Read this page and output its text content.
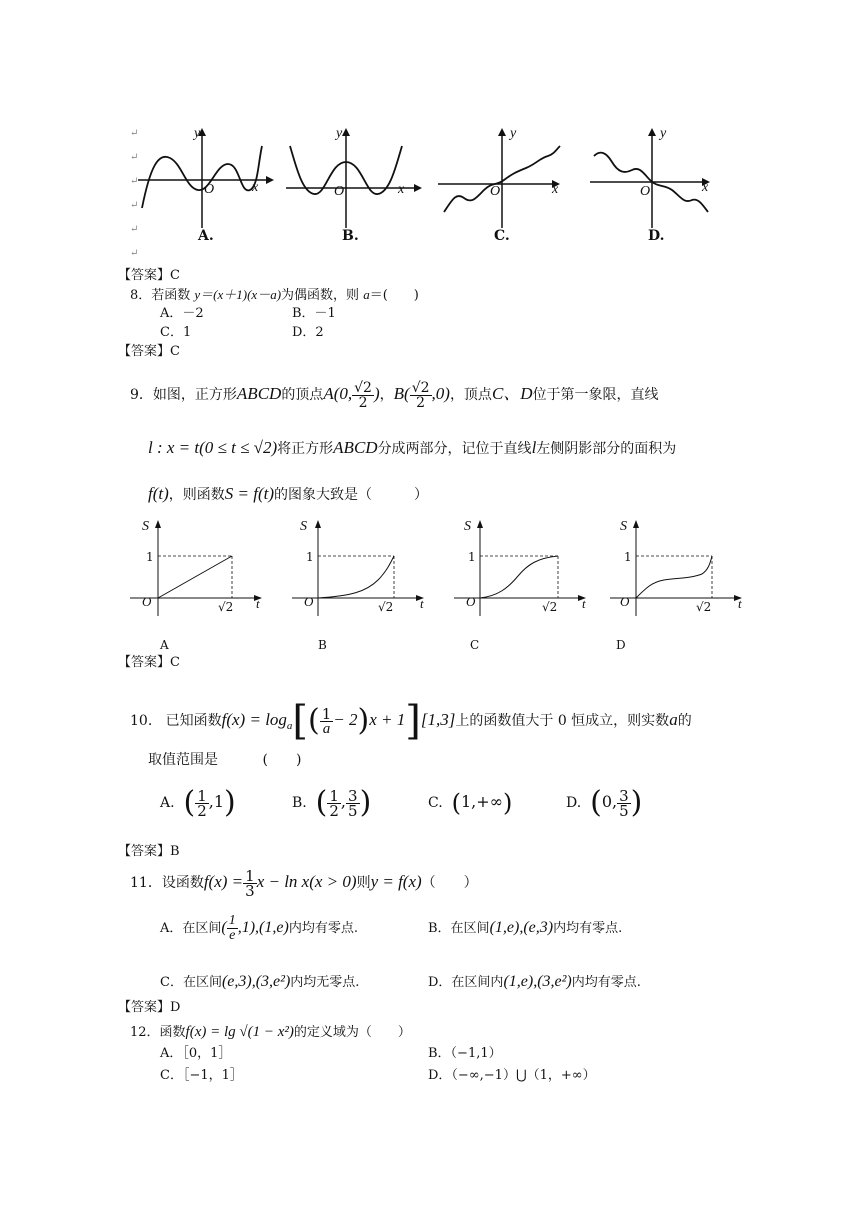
↵
↵
↵
↵
↵
↵
y
x
O
A.
y
x
O
B.
y
x
O
C.
y
x
O
D.
【答案】C
8．若函数 y＝(x＋1)(x－a)为偶函数，则 a＝(　　)
A．－2	B．－1
C．1	D．2
【答案】C
9．如图，正方形ABCD的顶点A(0, $\frac{√2}{2}$ )，$B( \frac{√2}{2} ,0)$，顶点C、D位于第一象限，直线
l : x = t(0 ≤ t ≤ √2)将正方形ABCD分成两部分，记位于直线l左侧阴影部分的面积为
f(t)，则函数S = f(t)的图象大致是（　　　）
S
t
O
1
√2
A
S
t
O
1
√2
B
S
t
O
1
√2
C
S
t
O
1
√2
D
【答案】C
10. 已知函数$f(x) = \log_a[( \frac{1}{a} - 2)x + 1][1,3]$上的函数值大于 0 恒成立，则实数a的
取值范围是	(　　)
A. ( $\frac{1}{2} ,1$)	B. ( $\frac{1}{2}$ , $\frac{3}{5}$ )	C. (1,+∞)	D. (0, $\frac{3}{5}$ )
【答案】B
11．设函数$f(x) = \frac{1}{3}$ x − ln x(x > 0)则y = f(x)（　　）
A．在区间( $\frac{1}{e} ,1),(1,e)$内均有零点.	B．在区间(1,e),(e,3)内均有零点.
C．在区间(e,3),(3,e²)内均无零点.	D．在区间内(1,e),(3,e²)内均有零点.
【答案】D
12．函数f(x) = lg √(1 − x²)的定义域为（　　）
A．［0，1］	B．（−1,1）
C．［−1，1］	D．（−∞,−1）⋃（1，+∞）
